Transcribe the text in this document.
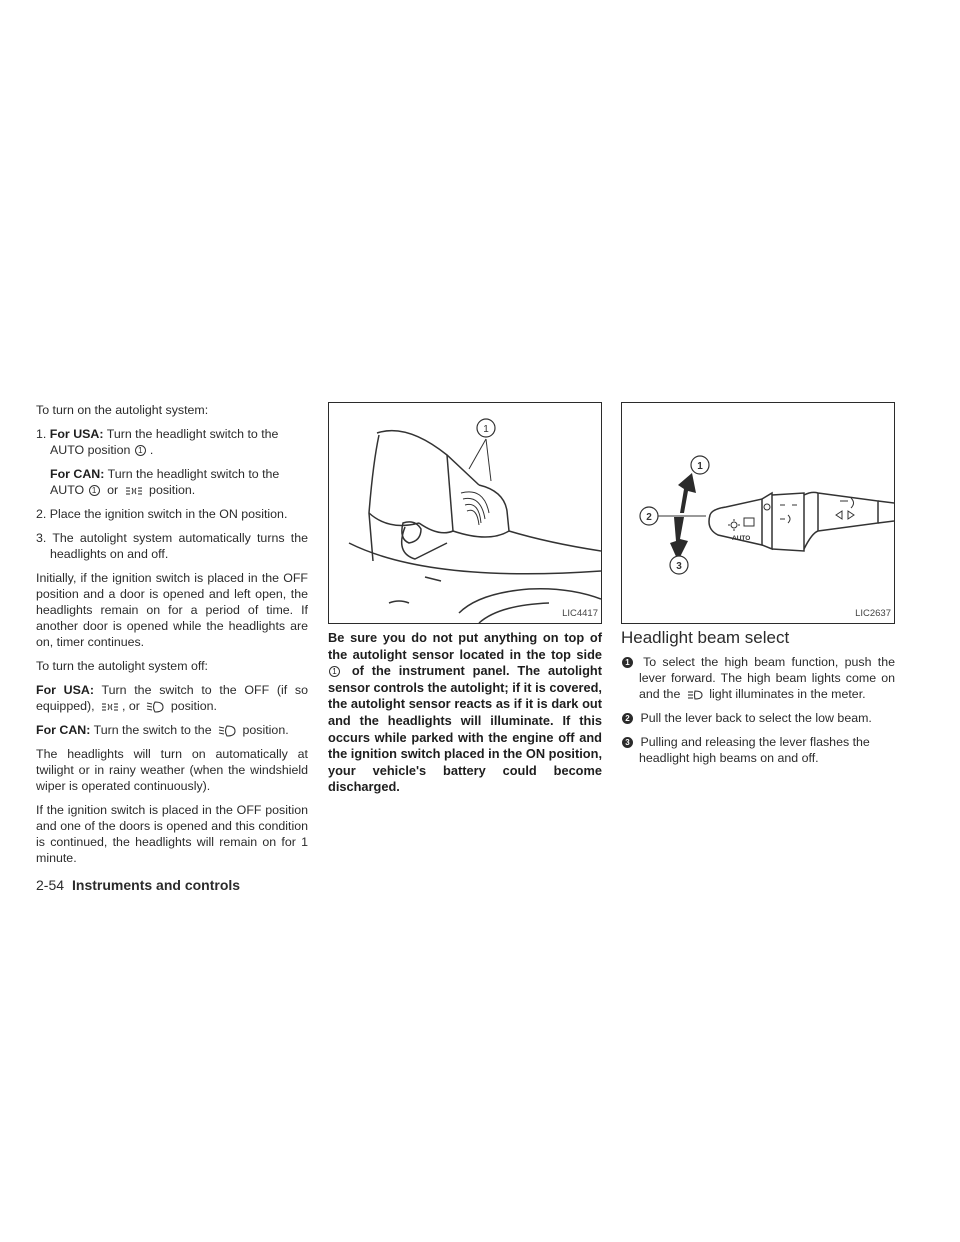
To turn on the autolight system:

1. For USA: Turn the headlight switch to the AUTO position 1 .

For CAN: Turn the headlight switch to the AUTO 1 or position.

2. Place the ignition switch in the ON position.

3. The autolight system automatically turns the headlights on and off.

Initially, if the ignition switch is placed in the OFF position and a door is opened and left open, the headlights remain on for a period of time. If another door is opened while the headlights are on, timer continues.

To turn the autolight system off:

For USA: Turn the switch to the OFF (if so equipped), , or position.

For CAN: Turn the switch to the position.

The headlights will turn on automatically at twilight or in rainy weather (when the windshield wiper is operated continuously).

If the ignition switch is placed in the OFF position and one of the doors is opened and this condition is continued, the headlights will remain on for 1 minute.

1
LIC4417

Be sure you do not put anything on top of the autolight sensor located in the top side 1 of the instrument panel. The autolight sensor controls the autolight; if it is covered, the autolight sensor reacts as if it is dark out and the headlights will illuminate. If this occurs while parked with the engine off and the ignition switch placed in the ON position, your vehicle's battery could become discharged.

AUTO
1
2
3
LIC2637
Headlight beam select

1 To select the high beam function, push the lever forward. The high beam lights come on and the light illuminates in the meter.

2 Pull the lever back to select the low beam.

3 Pulling and releasing the lever flashes the headlight high beams on and off.

2-54 Instruments and controls
